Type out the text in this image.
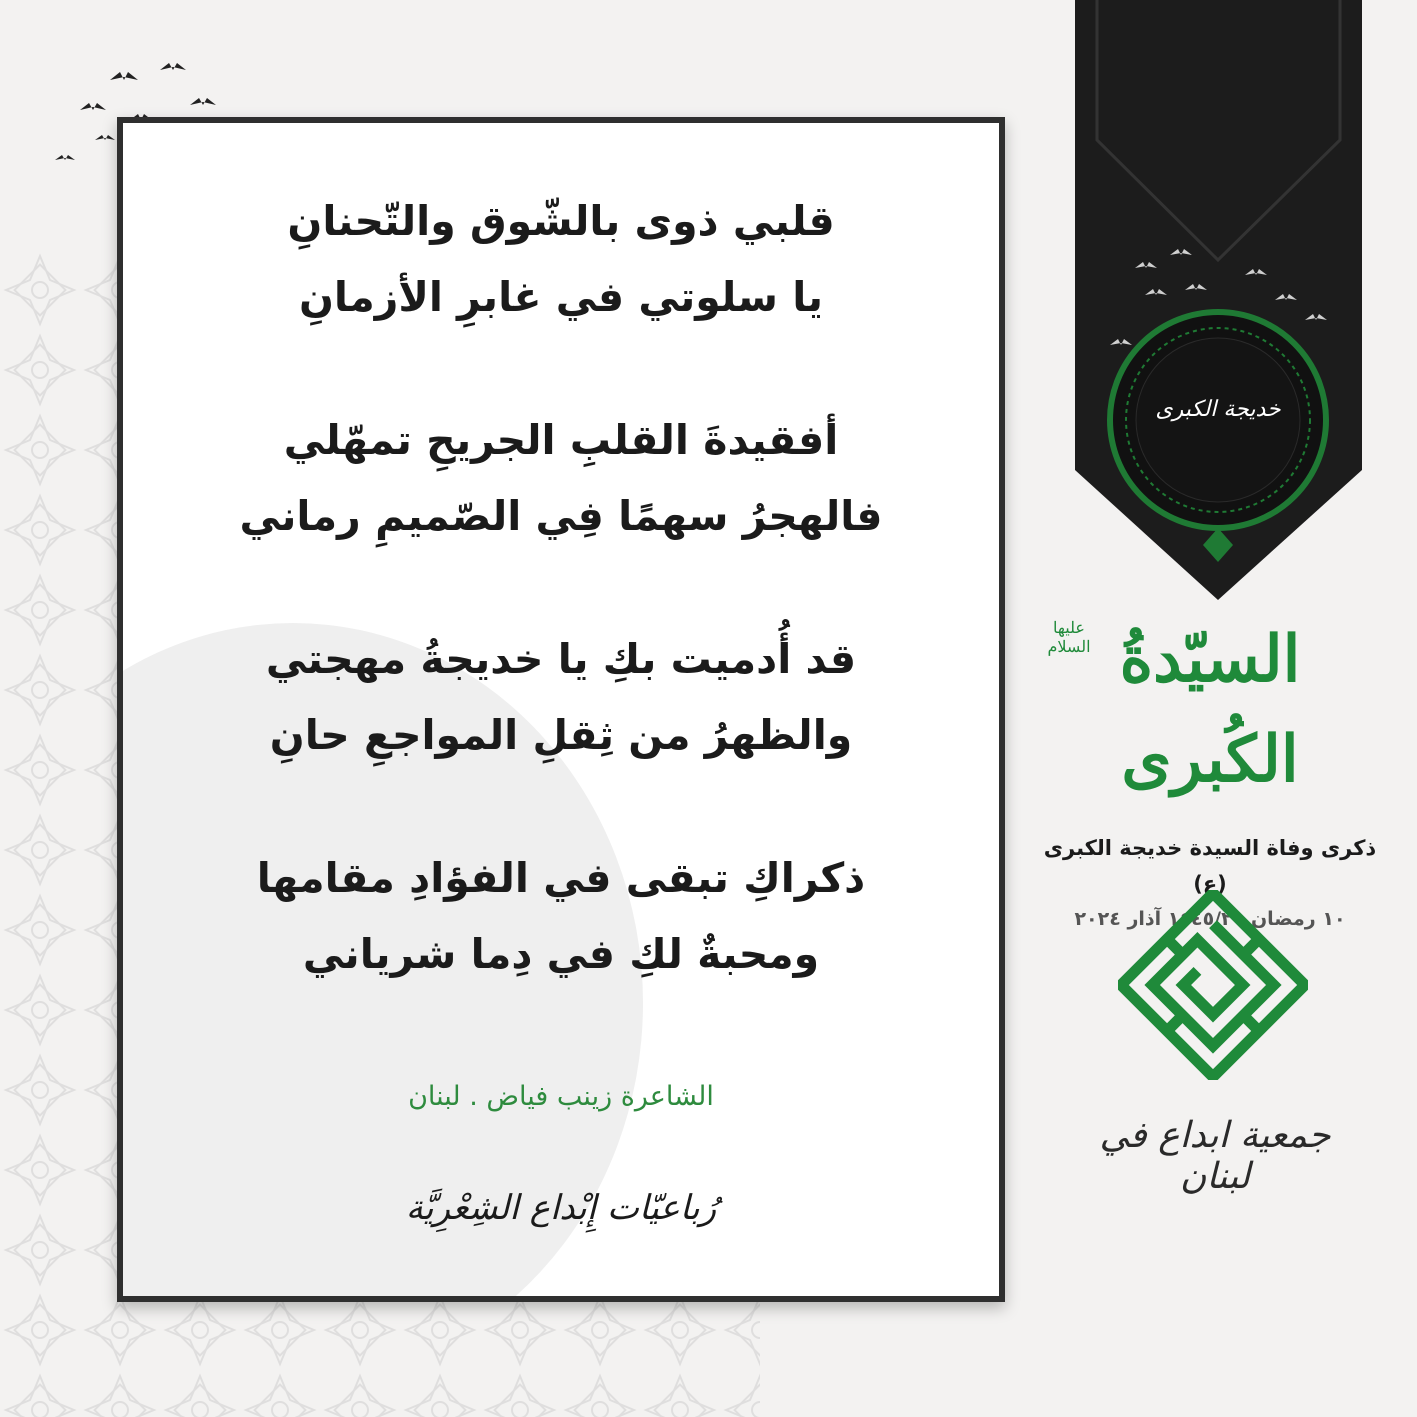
قلبي ذوى بالشّوق والتّحنانِ
يا سلوتي في غابرِ الأزمانِ
أفقيدةَ القلبِ الجريحِ تمهّلي
فالهجرُ سهمًا فِي الصّميمِ رماني
قد أُدميت بكِ يا خديجةُ مهجتي
والظهرُ من ثِقلِ المواجعِ حانِ
ذكراكِ تبقى في الفؤادِ مقامها
ومحبةٌ لكِ في دِما شرياني
الشاعرة زينب فياض . لبنان
رُباعيّات إِبْداع الشِعْرِيَّة
خديجة الكبرى
عليها السلام السيّدةُ الكُبرى
ذكرى وفاة السيدة خديجة الكبرى (ع)
١٠ رمضان ١٤٤٥/٢١ آذار ٢٠٢٤
جمعية ابداع في لبنان
